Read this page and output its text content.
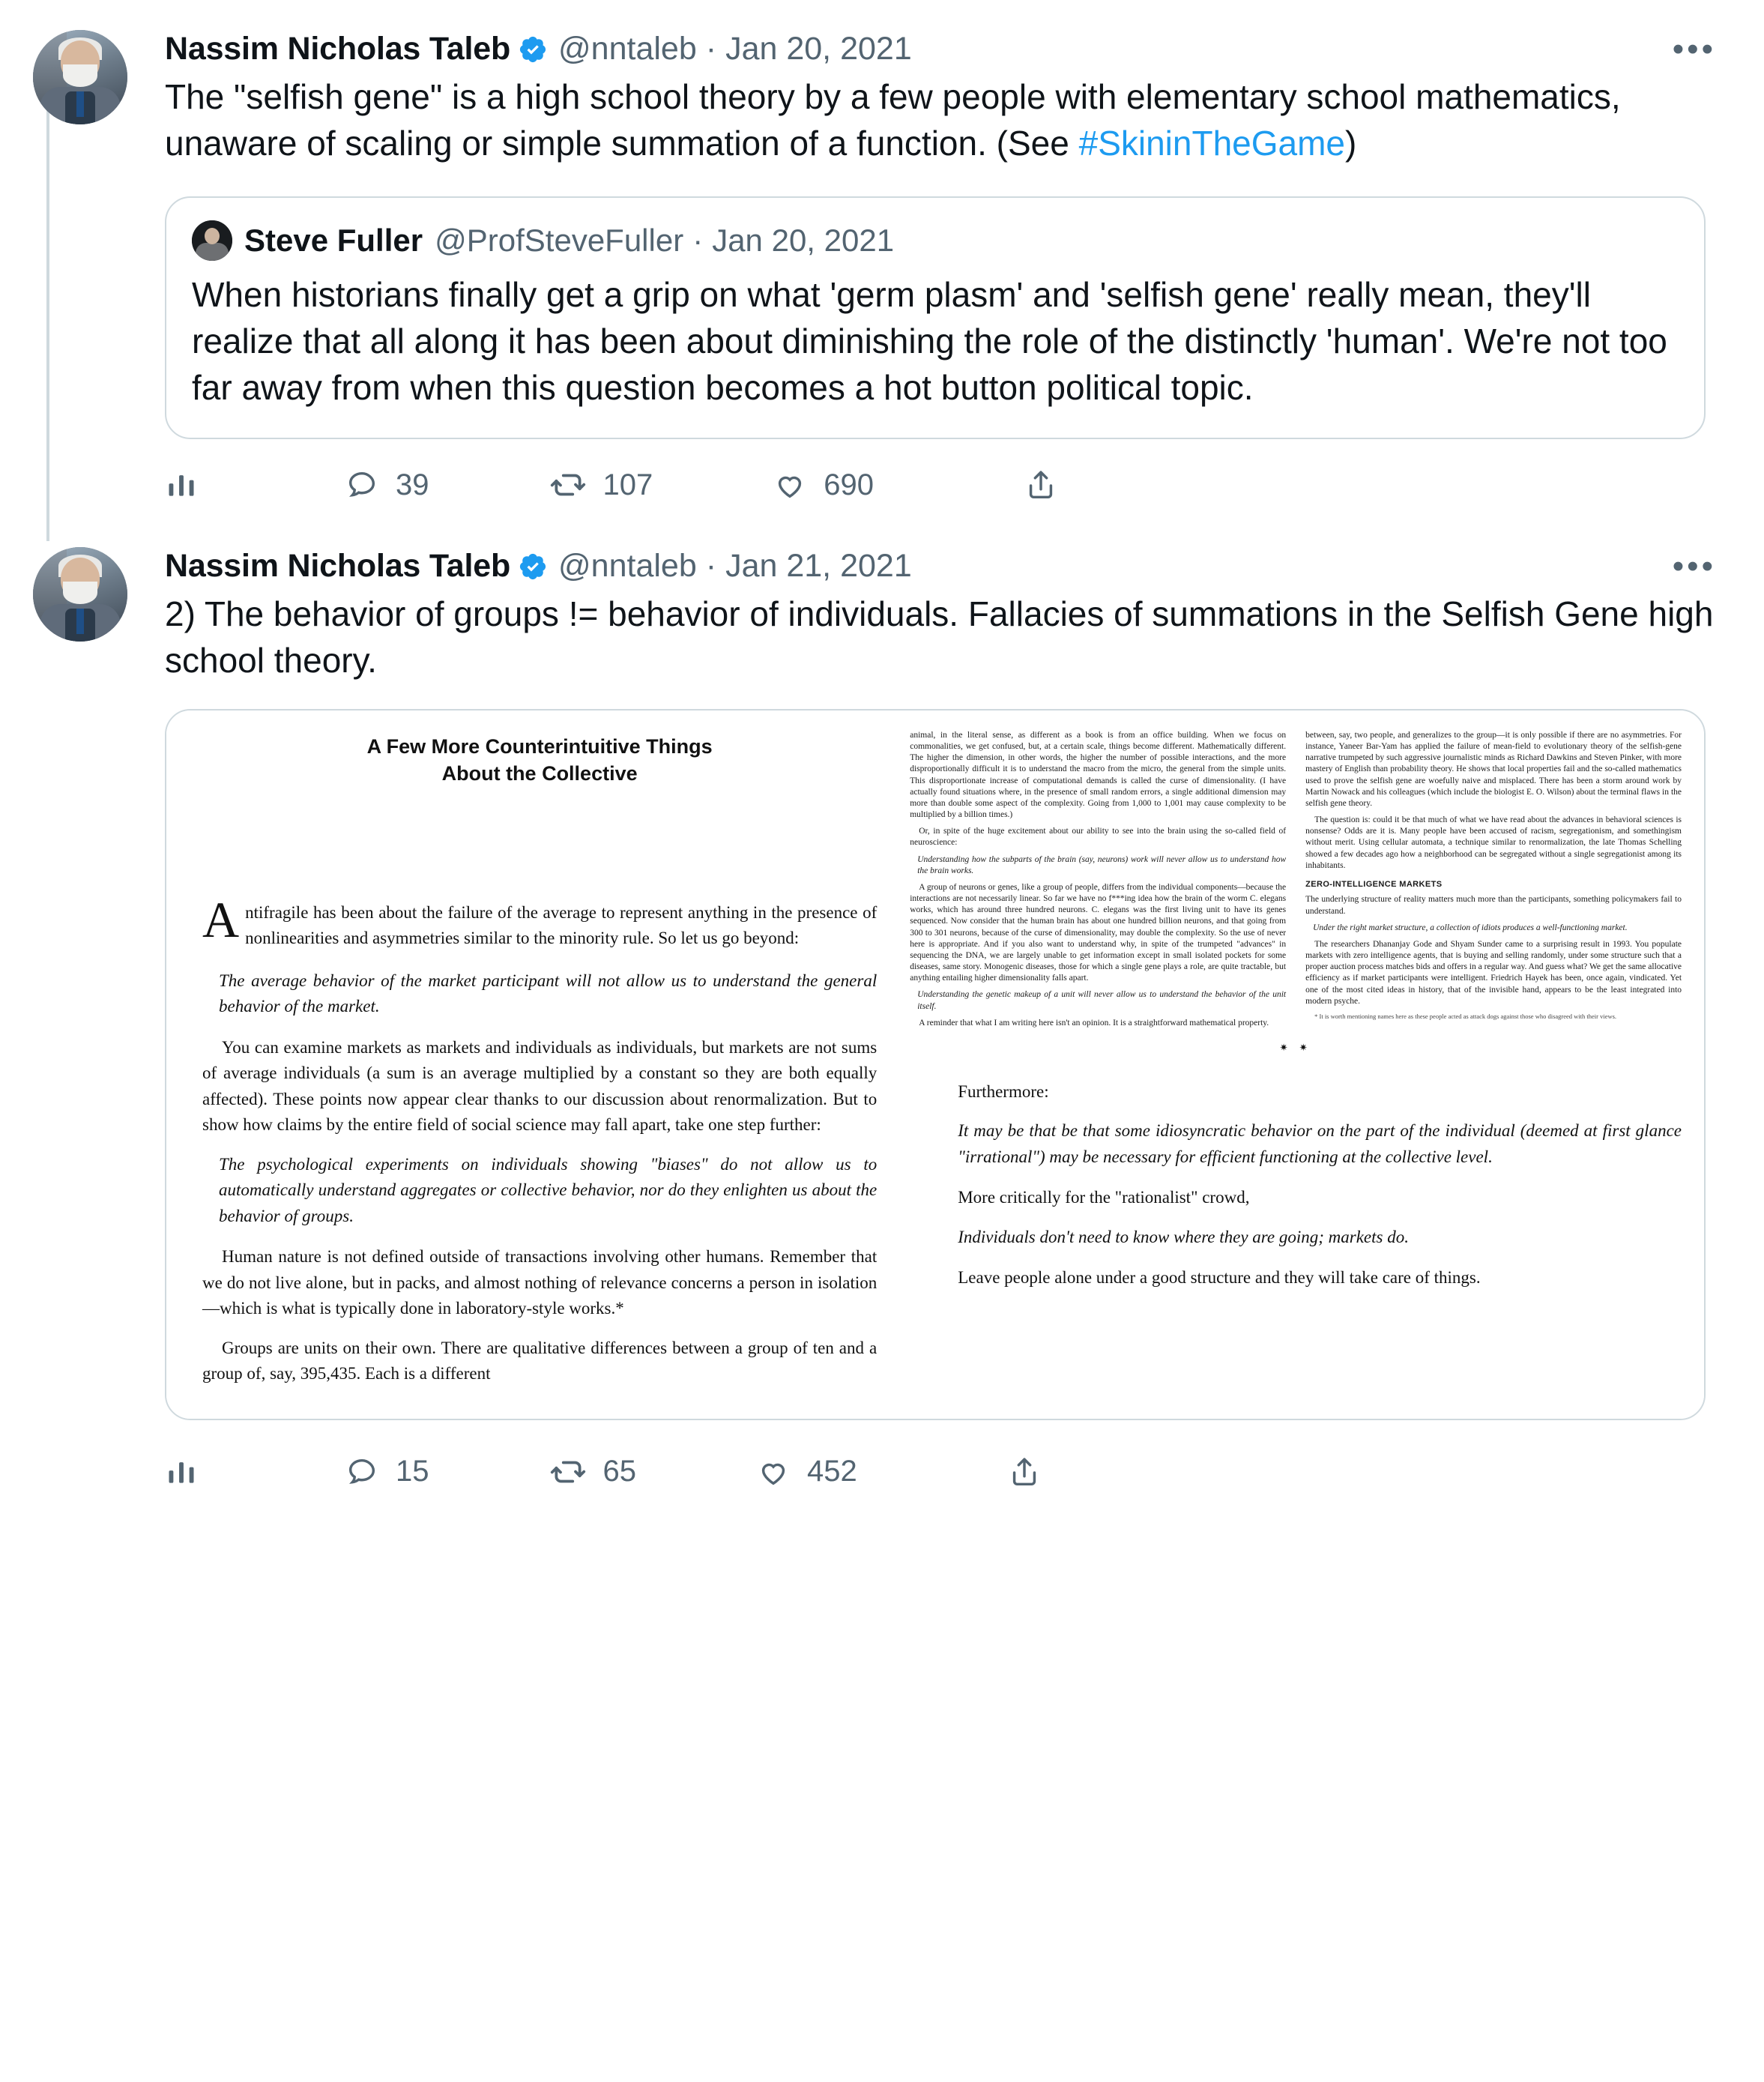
Nassim Nicholas Taleb @nntaleb · Jan 20, 2021	•••
The "selfish gene" is a high school theory by a few people with elementary school mathematics, unaware of scaling or simple summation of a function. (See #SkininTheGame)
Steve Fuller @ProfSteveFuller · Jan 20, 2021
When historians finally get a grip on what 'germ plasm' and 'selfish gene' really mean, they'll realize that all along it has been about diminishing the role of the distinctly 'human'. We're not too far away from when this question becomes a hot button political topic.
39	107	690
Nassim Nicholas Taleb @nntaleb · Jan 21, 2021	•••
2) The behavior of groups != behavior of individuals. Fallacies of summations in the Selfish Gene high school theory.
A Few More Counterintuitive Things
About the Collective
Antifragile has been about the failure of the average to represent anything in the presence of nonlinearities and asymmetries similar to the minority rule. So let us go beyond:
The average behavior of the market participant will not allow us to understand the general behavior of the market.
You can examine markets as markets and individuals as individuals, but markets are not sums of average individuals (a sum is an average multiplied by a constant so they are both equally affected). These points now appear clear thanks to our discussion about renormalization. But to show how claims by the entire field of social science may fall apart, take one step further:
The psychological experiments on individuals showing "biases" do not allow us to automatically understand aggregates or collective behavior, nor do they enlighten us about the behavior of groups.
Human nature is not defined outside of transactions involving other humans. Remember that we do not live alone, but in packs, and almost nothing of relevance concerns a person in isolation—which is what is typically done in laboratory-style works.*
Groups are units on their own. There are qualitative differences between a group of ten and a group of, say, 395,435. Each is a different

animal, in the literal sense, as different as a book is from an office building. When we focus on commonalities, we get confused, but, at a certain scale, things become different. Mathematically different. The higher the dimension, in other words, the higher the number of possible interactions, and the more disproportionally difficult it is to understand the macro from the micro, the general from the simple units. This disproportionate increase of computational demands is called the curse of dimensionality. (I have actually found situations where, in the presence of small random errors, a single additional dimension may more than double some aspect of the complexity. Going from 1,000 to 1,001 may cause complexity to be multiplied by a billion times.)

Or, in spite of the huge excitement about our ability to see into the brain using the so-called field of neuroscience:

Understanding how the subparts of the brain (say, neurons) work will never allow us to understand how the brain works.

A group of neurons or genes, like a group of people, differs from the individual components—because the interactions are not necessarily linear. So far we have no f***ing idea how the brain of the worm C. elegans works, which has around three hundred neurons. C. elegans was the first living unit to have its genes sequenced. Now consider that the human brain has about one hundred billion neurons, and that going from 300 to 301 neurons, because of the curse of dimensionality, may double the complexity. So the use of never here is appropriate. And if you also want to understand why, in spite of the trumpeted "advances" in sequencing the DNA, we are largely unable to get information except in small isolated pockets for some diseases, same story. Monogenic diseases, those for which a single gene plays a role, are quite tractable, but anything entailing higher dimensionality falls apart.

Understanding the genetic makeup of a unit will never allow us to understand the behavior of the unit itself.

A reminder that what I am writing here isn't an opinion. It is a straightforward mathematical property.

between, say, two people, and generalizes to the group—it is only possible if there are no asymmetries. For instance, Yaneer Bar-Yam has applied the failure of mean-field to evolutionary theory of the selfish-gene narrative trumpeted by such aggressive journalistic minds as Richard Dawkins and Steven Pinker, with more mastery of English than probability theory. He shows that local properties fail and the so-called mathematics used to prove the selfish gene are woefully naive and misplaced. There has been a storm around work by Martin Nowack and his colleagues (which include the biologist E. O. Wilson) about the terminal flaws in the selfish gene theory.

The question is: could it be that much of what we have read about the advances in behavioral sciences is nonsense? Odds are it is. Many people have been accused of racism, segregationism, and somethingism without merit. Using cellular automata, a technique similar to renormalization, the late Thomas Schelling showed a few decades ago how a neighborhood can be segregated without a single segregationist among its inhabitants.

ZERO-INTELLIGENCE MARKETS

The underlying structure of reality matters much more than the participants, something policymakers fail to understand.

Under the right market structure, a collection of idiots produces a well-functioning market.

The researchers Dhananjay Gode and Shyam Sunder came to a surprising result in 1993. You populate markets with zero intelligence agents, that is buying and selling randomly, under some structure such that a proper auction process matches bids and offers in a regular way. And guess what? We get the same allocative efficiency as if market participants were intelligent. Friedrich Hayek has been, once again, vindicated. Yet one of the most cited ideas in history, that of the invisible hand, appears to be the least integrated into modern psyche.

* It is worth mentioning names here as these people acted as attack dogs against those who disagreed with their views.

✷ ✷
Furthermore:
It may be that be that some idiosyncratic behavior on the part of the individual (deemed at first glance "irrational") may be necessary for efficient functioning at the collective level.
More critically for the "rationalist" crowd,
Individuals don't need to know where they are going; markets do.
Leave people alone under a good structure and they will take care of things.
15	65	452
